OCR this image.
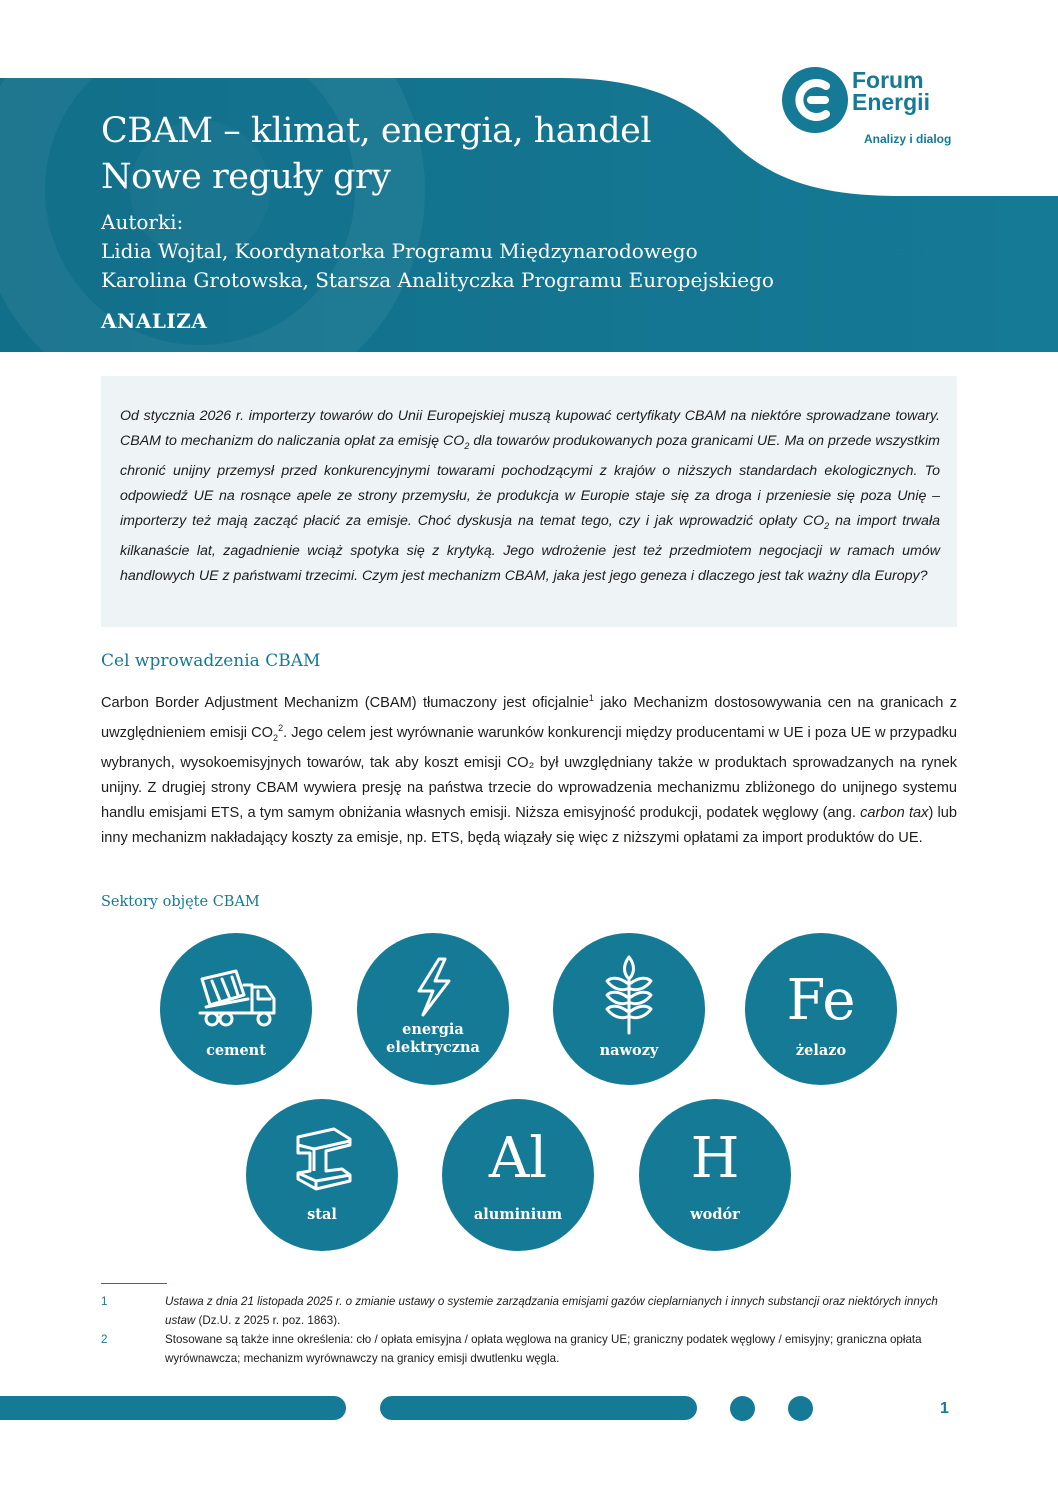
Forum
Energii
Analizy i dialog
CBAM – klimat, energia, handel
Nowe reguły gry
Autorki:
Lidia Wojtal, Koordynatorka Programu Międzynarodowego
Karolina Grotowska, Starsza Analityczka Programu Europejskiego
ANALIZA

Od stycznia 2026 r. importerzy towarów do Unii Europejskiej muszą kupować certyfikaty CBAM na niektóre sprowadzane towary. CBAM to mechanizm do naliczania opłat za emisję $CO_2$ dla towarów produkowanych poza granicami UE. Ma on przede wszystkim chronić unijny przemysł przed konkurencyjnymi towarami pochodzącymi z krajów o niższych standardach ekologicznych. To odpowiedź UE na rosnące apele ze strony przemysłu, że produkcja w Europie staje się za droga i przeniesie się poza Unię – importerzy też mają zacząć płacić za emisje. Choć dyskusja na temat tego, czy i jak wprowadzić opłaty $CO_2$ na import trwała kilkanaście lat, zagadnienie wciąż spotyka się z krytyką. Jego wdrożenie jest też przedmiotem negocjacji w ramach umów handlowych UE z państwami trzecimi. Czym jest mechanizm CBAM, jaka jest jego geneza i dlaczego jest tak ważny dla Europy?

Cel wprowadzenia CBAM

Carbon Border Adjustment Mechanizm (CBAM) tłumaczony jest oficjalnie$^1$ jako Mechanizm dostosowywania cen na granicach z uwzględnieniem emisji $CO_2^2$. Jego celem jest wyrównanie warunków konkurencji między producentami w UE i poza UE w przypadku wybranych, wysokoemisyjnych towarów, tak aby koszt emisji CO₂ był uwzględniany także w produktach sprowadzanych na rynek unijny. Z drugiej strony CBAM wywiera presję na państwa trzecie do wprowadzenia mechanizmu zbliżonego do unijnego systemu handlu emisjami ETS, a tym samym obniżania własnych emisji. Niższa emisyjność produkcji, podatek węglowy (ang. carbon tax) lub inny mechanizm nakładający koszty za emisje, np. ETS, będą wiązały się więc z niższymi opłatami za import produktów do UE.

Sektory objęte CBAM
cement
energia
elektryczna	nawozy
Fe
żelazo
stal
Al
aluminium
H
wodór
1	Ustawa z dnia 21 listopada 2025 r. o zmianie ustawy o systemie zarządzania emisjami gazów cieplarnianych i innych substancji oraz niektórych innych ustaw (Dz.U. z 2025 r. poz. 1863).
2	Stosowane są także inne określenia: cło / opłata emisyjna / opłata węglowa na granicy UE; graniczny podatek węglowy / emisyjny; graniczna opłata wyrównawcza; mechanizm wyrównawczy na granicy emisji dwutlenku węgla.
1
